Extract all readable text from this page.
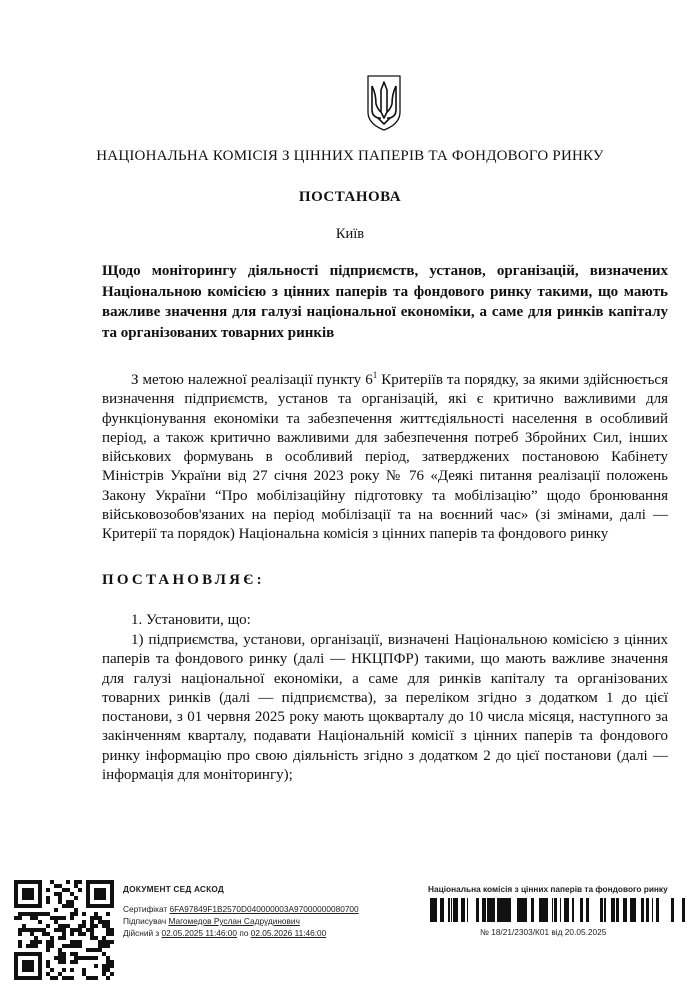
НАЦІОНАЛЬНА КОМІСІЯ З ЦІННИХ ПАПЕРІВ ТА ФОНДОВОГО РИНКУ
ПОСТАНОВА
Київ
Щодо моніторингу діяльності підприємств, установ, організацій, визначених Національною комісією з цінних паперів та фондового ринку такими, що мають важливе значення для галузі національної економіки, а саме для ринків капіталу та організованих товарних ринків

З метою належної реалізації пункту $6^1$ Критеріїв та порядку, за якими здійснюється визначення підприємств, установ та організацій, які є критично важливими для функціонування економіки та забезпечення життєдіяльності населення в особливий період, а також критично важливими для забезпечення потреб Збройних Сил, інших військових формувань в особливий період, затверджених постановою Кабінету Міністрів України від 27 січня 2023 року № 76 «Деякі питання реалізації положень Закону України “Про мобілізаційну підготовку та мобілізацію” щодо бронювання військовозобов'язаних на період мобілізації та на воєнний час» (зі змінами, далі — Критерії та порядок) Національна комісія з цінних паперів та фондового ринку

ПОСТАНОВЛЯЄ:
1. Установити, що:

1) підприємства, установи, організації, визначені Національною комісією з цінних паперів та фондового ринку (далі — НКЦПФР) такими, що мають важливе значення для галузі національної економіки, а саме для ринків капіталу та організованих товарних ринків (далі — підприємства), за переліком згідно з додатком 1 до цієї постанови, з 01 червня 2025 року мають щокварталу до 10 числа місяця, наступного за закінченням кварталу, подавати Національній комісії з цінних паперів та фондового ринку інформацію про свою діяльність згідно з додатком 2 до цієї постанови (далі — інформація для моніторингу);

ДОКУМЕНТ СЕД АСКОД
Сертифікат 6FA97849F1B2570D040000003A97000000080700
Підписувач Магомедов Руслан Садрудинович
Дійсний з 02.05.2025 11:46:00 по 02.05.2026 11:46:00
Національна комісія з цінних паперів та фондового ринку
№ 18/21/2303/К01 від 20.05.2025
